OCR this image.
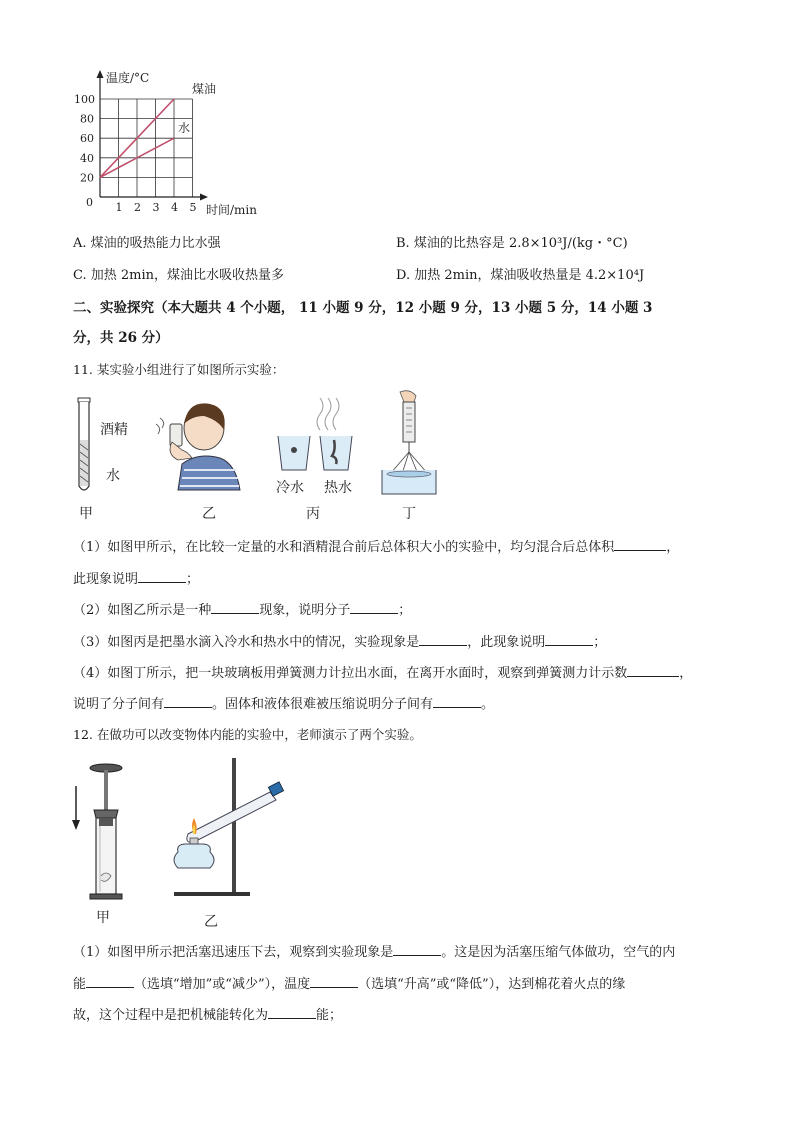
温度/°C
时间/min
0 1 2 3 4 5
20
40
60
80
100
煤油
水
A. 煤油的吸热能力比水强	B. 煤油的比热容是 2.8×10³J/(kg・°C)
C. 加热 2min，煤油比水吸收热量多	D. 加热 2min，煤油吸收热量是 4.2×10⁴J
二、实验探究（本大题共 4 个小题， 11 小题 9 分，12 小题 9 分，13 小题 5 分，14 小题 3
分，共 26 分）
11. 某实验小组进行了如图所示实验：
酒精
水
甲	乙
冷水 热水
丙	丁
（1）如图甲所示，在比较一定量的水和酒精混合前后总体积大小的实验中，均匀混合后总体积	，
此现象说明	；
（2）如图乙所示是一种	现象，说明分子	；
（3）如图丙是把墨水滴入冷水和热水中的情况，实验现象是	，此现象说明	；
（4）如图丁所示，把一块玻璃板用弹簧测力计拉出水面，在离开水面时，观察到弹簧测力计示数	，
说明了分子间有	。固体和液体很难被压缩说明分子间有	。
12. 在做功可以改变物体内能的实验中，老师演示了两个实验。
甲	乙
（1）如图甲所示把活塞迅速压下去，观察到实验现象是	。这是因为活塞压缩气体做功，空气的内
能	（选填“增加”或“减少”），温度	（选填“升高”或“降低”），达到棉花着火点的缘
故，这个过程中是把机械能转化为	能；
